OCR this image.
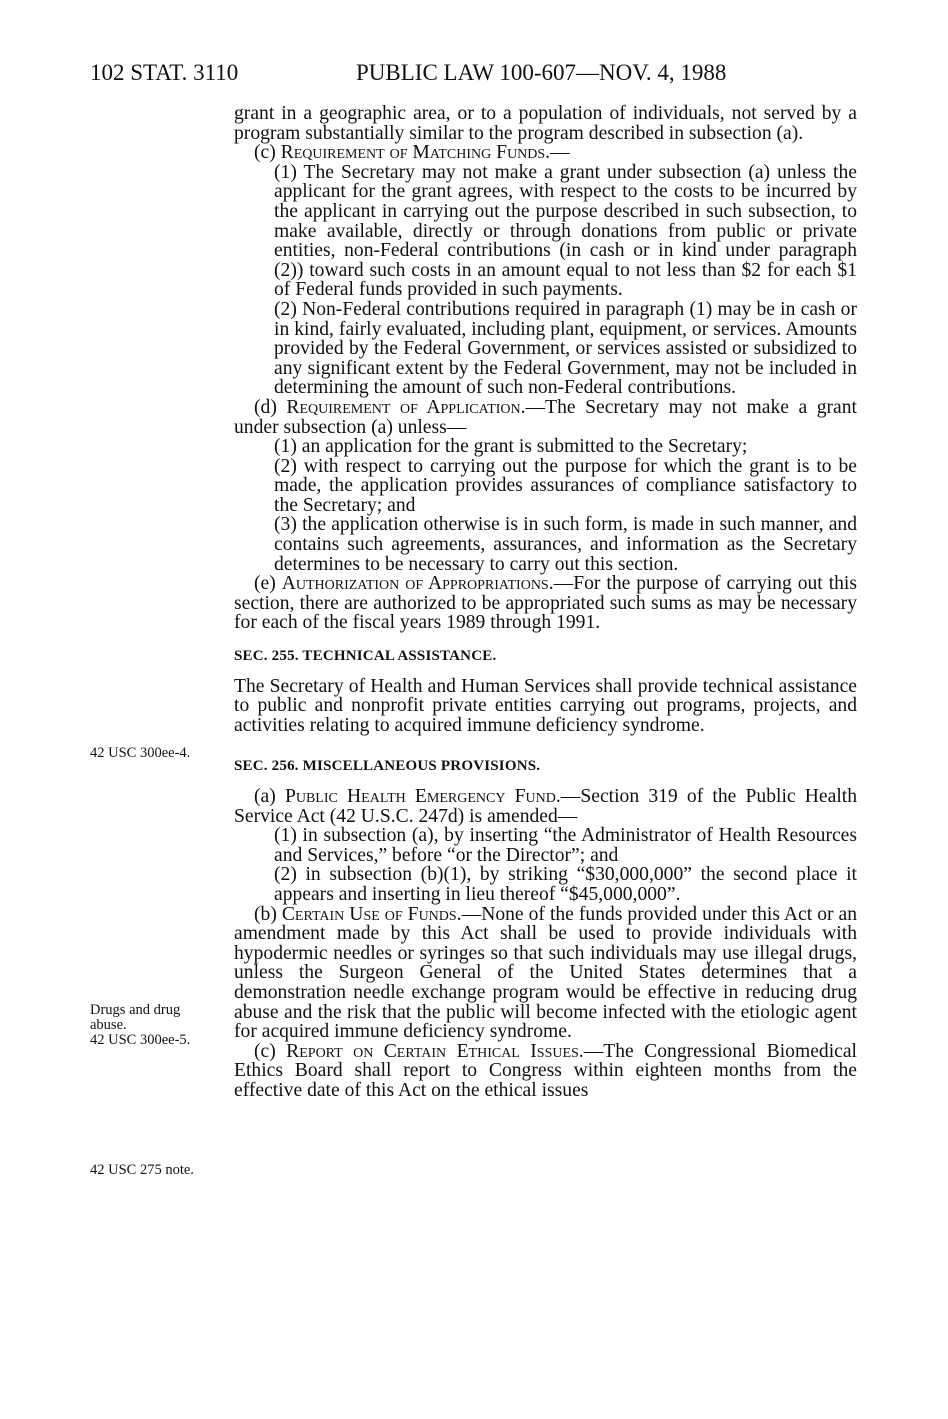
102 STAT. 3110	PUBLIC LAW 100-607—NOV. 4, 1988
42 USC 300ee-4.
Drugs and drug
abuse.
42 USC 300ee-5.
42 USC 275 note.

grant in a geographic area, or to a population of individuals, not served by a program substantially similar to the program described in subsection (a).

(c) Requirement of Matching Funds.—

(1) The Secretary may not make a grant under subsection (a) unless the applicant for the grant agrees, with respect to the costs to be incurred by the applicant in carrying out the purpose described in such subsection, to make available, directly or through donations from public or private entities, non-Federal contributions (in cash or in kind under paragraph (2)) toward such costs in an amount equal to not less than $2 for each $1 of Federal funds provided in such payments.

(2) Non-Federal contributions required in paragraph (1) may be in cash or in kind, fairly evaluated, including plant, equipment, or services. Amounts provided by the Federal Government, or services assisted or subsidized to any significant extent by the Federal Government, may not be included in determining the amount of such non-Federal contributions.

(d) Requirement of Application.—The Secretary may not make a grant under subsection (a) unless—

(1) an application for the grant is submitted to the Secretary;

(2) with respect to carrying out the purpose for which the grant is to be made, the application provides assurances of compliance satisfactory to the Secretary; and

(3) the application otherwise is in such form, is made in such manner, and contains such agreements, assurances, and information as the Secretary determines to be necessary to carry out this section.

(e) Authorization of Appropriations.—For the purpose of carrying out this section, there are authorized to be appropriated such sums as may be necessary for each of the fiscal years 1989 through 1991.

SEC. 255. TECHNICAL ASSISTANCE.

The Secretary of Health and Human Services shall provide technical assistance to public and nonprofit private entities carrying out programs, projects, and activities relating to acquired immune deficiency syndrome.

SEC. 256. MISCELLANEOUS PROVISIONS.

(a) Public Health Emergency Fund.—Section 319 of the Public Health Service Act (42 U.S.C. 247d) is amended—

(1) in subsection (a), by inserting “the Administrator of Health Resources and Services,” before “or the Director”; and

(2) in subsection (b)(1), by striking “$30,000,000” the second place it appears and inserting in lieu thereof “$45,000,000”.

(b) Certain Use of Funds.—None of the funds provided under this Act or an amendment made by this Act shall be used to provide individuals with hypodermic needles or syringes so that such individuals may use illegal drugs, unless the Surgeon General of the United States determines that a demonstration needle exchange program would be effective in reducing drug abuse and the risk that the public will become infected with the etiologic agent for acquired immune deficiency syndrome.

(c) Report on Certain Ethical Issues.—The Congressional Biomedical Ethics Board shall report to Congress within eighteen months from the effective date of this Act on the ethical issues
